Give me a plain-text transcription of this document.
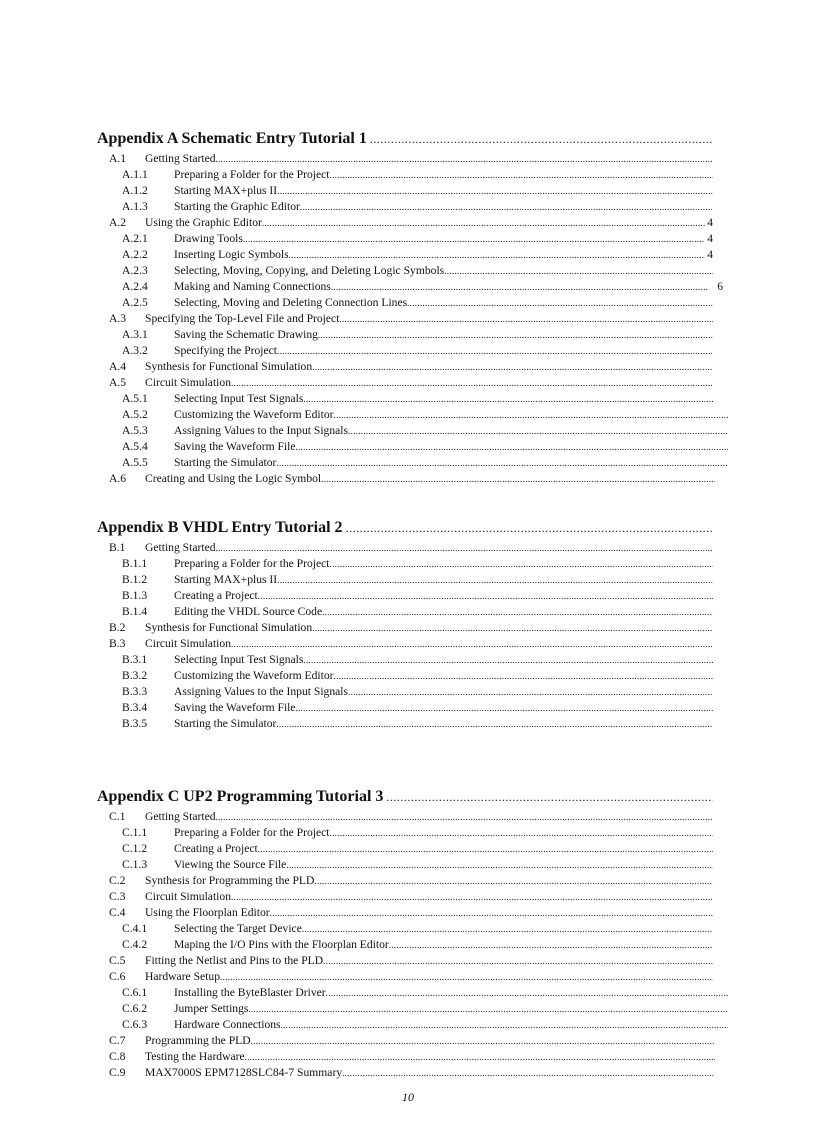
Appendix A Schematic Entry Tutorial 1
.....
A.1	Getting Started
.....
A.1.1	Preparing a Folder for the Project
.....
A.1.2	Starting MAX+plus II
.....
A.1.3	Starting the Graphic Editor
.....
A.2	Using the Graphic Editor .....	4
A.2.1	Drawing Tools .....	4
A.2.2	Inserting Logic Symbols .....	4
A.2.3	Selecting, Moving, Copying, and Deleting Logic Symbols
.....
A.2.4	Making and Naming Connections .....	6
A.2.5	Selecting, Moving and Deleting Connection Lines
.....
A.3	Specifying the Top-Level File and Project
.....
A.3.1	Saving the Schematic Drawing
.....
A.3.2	Specifying the Project
.....
A.4	Synthesis for Functional Simulation
.....
A.5	Circuit Simulation
.....
A.5.1	Selecting Input Test Signals
.....
A.5.2	Customizing the Waveform Editor
.....
A.5.3	Assigning Values to the Input Signals
.....
A.5.4	Saving the Waveform File
.....
A.5.5	Starting the Simulator
.....
A.6	Creating and Using the Logic Symbol
.....
Appendix B VHDL Entry Tutorial 2
.....
B.1	Getting Started
.....
B.1.1	Preparing a Folder for the Project
.....
B.1.2	Starting MAX+plus II
.....
B.1.3	Creating a Project
.....
B.1.4	Editing the VHDL Source Code
.....
B.2	Synthesis for Functional Simulation
.....
B.3	Circuit Simulation
.....
B.3.1	Selecting Input Test Signals
.....
B.3.2	Customizing the Waveform Editor
.....
B.3.3	Assigning Values to the Input Signals
.....
B.3.4	Saving the Waveform File
.....
B.3.5	Starting the Simulator
.....
Appendix C UP2 Programming Tutorial 3
.....
C.1	Getting Started
.....
C.1.1	Preparing a Folder for the Project
.....
C.1.2	Creating a Project
.....
C.1.3	Viewing the Source File
.....
C.2	Synthesis for Programming the PLD
.....
C.3	Circuit Simulation
.....
C.4	Using the Floorplan Editor
.....
C.4.1	Selecting the Target Device
.....
C.4.2	Maping the I/O Pins with the Floorplan Editor
.....
C.5	Fitting the Netlist and Pins to the PLD
.....
C.6	Hardware Setup
.....
C.6.1	Installing the ByteBlaster Driver
.....
C.6.2	Jumper Settings
.....
C.6.3	Hardware Connections
.....
C.7	Programming the PLD
.....
C.8	Testing the Hardware
.....
C.9	MAX7000S EPM7128SLC84-7 Summary
.....
10
